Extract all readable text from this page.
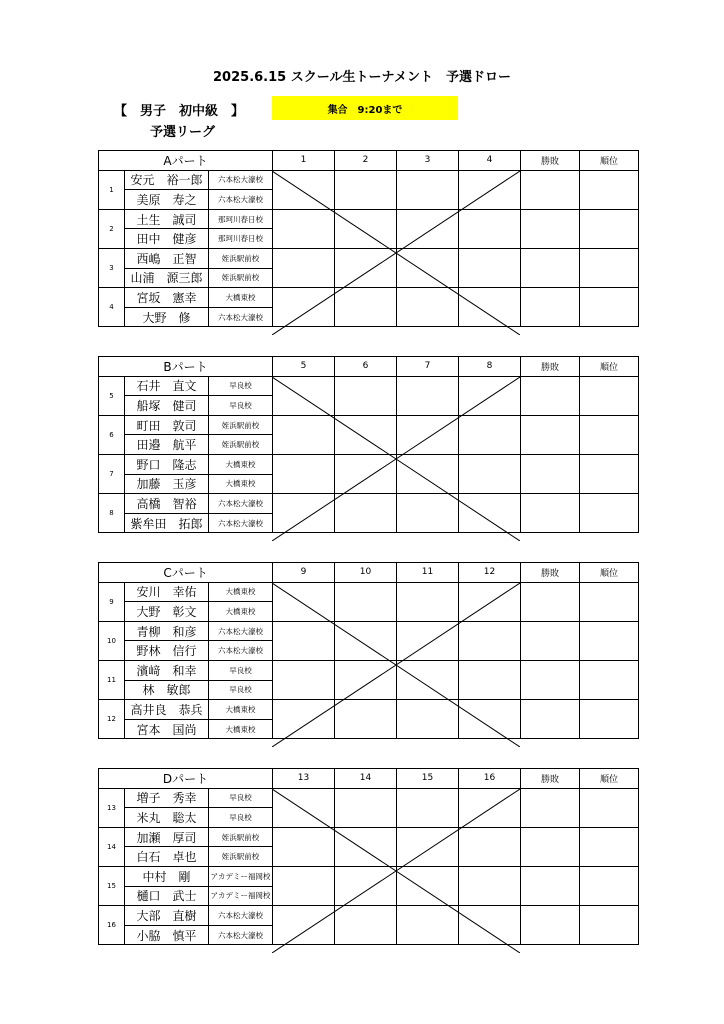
2025.6.15 スクール生トーナメント　予選ドロー
【　男子　初中級　】	集合　9:20まで
予選リーグ
Aパート			1	2	3	4	勝敗	順位
1	安元　裕一郎	六本松大濠校						
	美原　寿之	六本松大濠校						
2	土生　誠司	那珂川春日校						
	田中　健彦	那珂川春日校						
3	西嶋　正智	姪浜駅前校						
	山浦　源三郎	姪浜駅前校						
4	宮坂　憲幸	大橋東校						
	大野　修	六本松大濠校						
Bパート			5	6	7	8	勝敗	順位
5	石井　直文	早良校						
	船塚　健司	早良校						
6	町田　敦司	姪浜駅前校						
	田邉　航平	姪浜駅前校						
7	野口　隆志	大橋東校						
	加藤　玉彦	大橋東校						
8	高橋　智裕	六本松大濠校						
	紫牟田　拓郎	六本松大濠校						
Cパート			9	10	11	12	勝敗	順位
9	安川　幸佑	大橋東校						
	大野　彰文	大橋東校						
10	青柳　和彦	六本松大濠校						
	野林　信行	六本松大濠校						
11	濱﨑　和幸	早良校						
	林　敏郎	早良校						
12	高井良　恭兵	大橋東校						
	宮本　国尚	大橋東校						
Dパート			13	14	15	16	勝敗	順位
13	増子　秀幸	早良校						
	米丸　聡太	早良校						
14	加瀬　厚司	姪浜駅前校						
	白石　卓也	姪浜駅前校						
15	中村　剛	アカデミー福岡校						
	樋口　武士	アカデミー福岡校						
16	大部　直樹	六本松大濠校						
	小脇　慎平	六本松大濠校						
